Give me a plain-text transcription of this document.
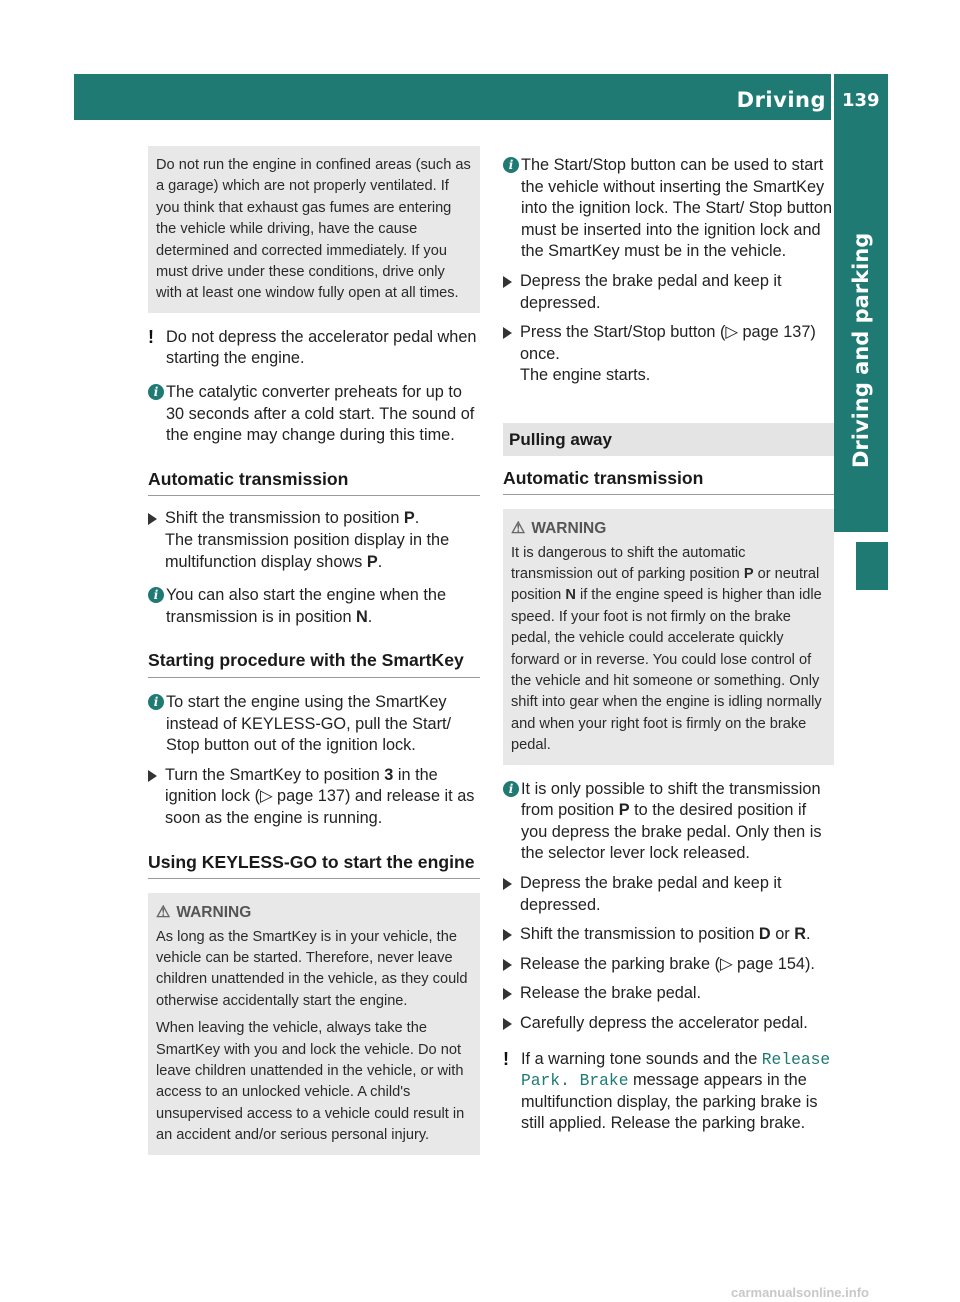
Driving 139
Driving and parking

Do not run the engine in confined areas (such as a garage) which are not properly ventilated. If you think that exhaust gas fumes are entering the vehicle while driving, have the cause determined and corrected immediately. If you must drive under these conditions, drive only with at least one window fully open at all times.

! Do not depress the accelerator pedal when starting the engine.
i The catalytic converter preheats for up to 30 seconds after a cold start. The sound of the engine may change during this time.
Automatic transmission
Shift the transmission to position P.
The transmission position display in the multifunction display shows P.
i You can also start the engine when the transmission is in position N.
Starting procedure with the SmartKey
i To start the engine using the SmartKey instead of KEYLESS-GO, pull the Start/ Stop button out of the ignition lock.
Turn the SmartKey to position 3 in the ignition lock (▷ page 137) and release it as soon as the engine is running.
Using KEYLESS-GO to start the engine
⚠ WARNING

As long as the SmartKey is in your vehicle, the vehicle can be started. Therefore, never leave children unattended in the vehicle, as they could otherwise accidentally start the engine.

When leaving the vehicle, always take the SmartKey with you and lock the vehicle. Do not leave children unattended in the vehicle, or with access to an unlocked vehicle. A child's unsupervised access to a vehicle could result in an accident and/or serious personal injury.

i The Start/Stop button can be used to start the vehicle without inserting the SmartKey into the ignition lock. The Start/ Stop button must be inserted into the ignition lock and the SmartKey must be in the vehicle.
Depress the brake pedal and keep it depressed.
Press the Start/Stop button (▷ page 137) once.
The engine starts.
Pulling away
Automatic transmission
⚠ WARNING

It is dangerous to shift the automatic transmission out of parking position P or neutral position N if the engine speed is higher than idle speed. If your foot is not firmly on the brake pedal, the vehicle could accelerate quickly forward or in reverse. You could lose control of the vehicle and hit someone or something. Only shift into gear when the engine is idling normally and when your right foot is firmly on the brake pedal.

i It is only possible to shift the transmission from position P to the desired position if you depress the brake pedal. Only then is the selector lever lock released.
Depress the brake pedal and keep it depressed.
Shift the transmission to position D or R.
Release the parking brake (▷ page 154).
Release the brake pedal.
Carefully depress the accelerator pedal.
! If a warning tone sounds and the Release Park. Brake message appears in the multifunction display, the parking brake is still applied. Release the parking brake.
carmanualsonline.info
